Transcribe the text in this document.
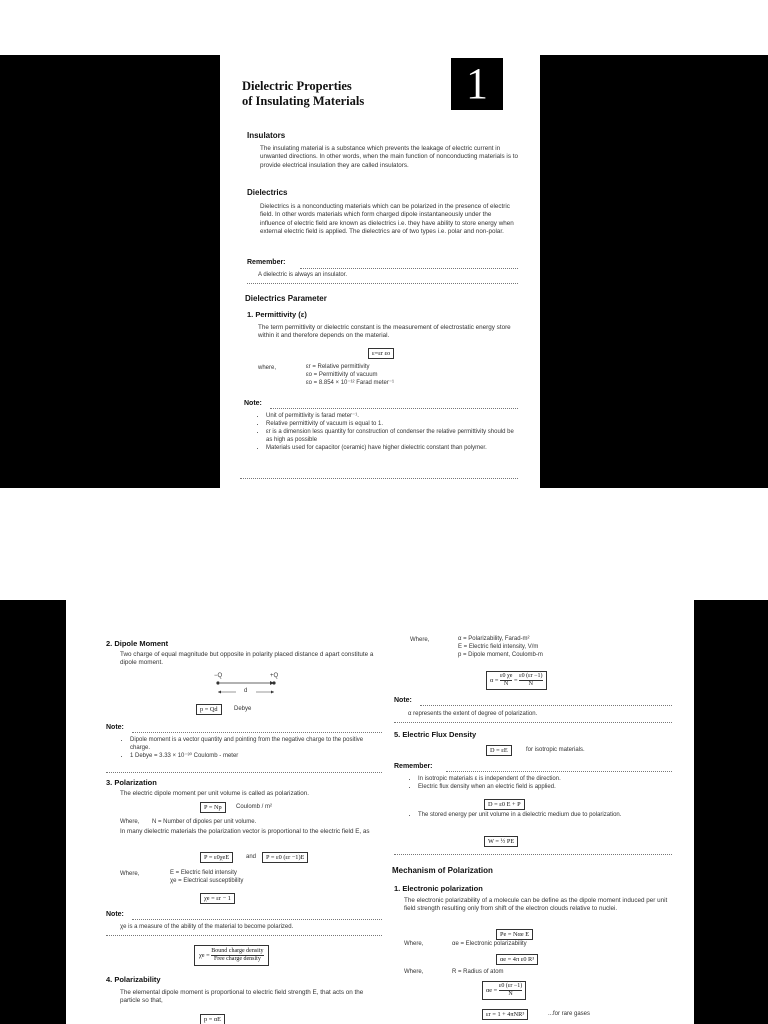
Dielectric Properties
of Insulating Materials	1
Insulators
The insulating material is a substance which prevents the leakage of electric current in unwanted directions. In other words, when the main function of nonconducting materials is to provide electrical insulation they are called insulators.
Dielectrics
Dielectrics is a nonconducting materials which can be polarized in the presence of electric field. In other words materials which form charged dipole instantaneously under the influence of electric field are known as dielectrics i.e. they have ability to store energy when external electric field is applied. The dielectrics are of two types i.e. polar and non-polar.
Remember:
A dielectric is always an insulator.
Dielectrics Parameter
1. Permittivity (ε)
The term permittivity or dielectric constant is the measurement of electrostatic energy store within it and therefore depends on the material.
ε=εr εo
where,	εr = Relative permittivity
εo = Permittivity of vacuum
εo = 8.854 × 10⁻¹² Farad meter⁻¹
Note:
• Unit of permittivity is farad meter⁻¹.
• Relative permittivity of vacuum is equal to 1.
• εr is a dimension less quantity for construction of condenser the relative permittivity should be as high as possible
• Materials used for capacitor (ceramic) have higher dielectric constant than polymer.
2. Dipole Moment
Two charge of equal magnitude but opposite in polarity placed distance d apart constitute a dipole moment.
−Q	+Q
d
p = Qd	Debye
Note:
• Dipole moment is a vector quantity and pointing from the negative charge to the positive charge.
• 1 Debye = 3.33 × 10⁻³⁰ Coulomb - meter
3. Polarization
The electric dipole moment per unit volume is called as polarization.
P = Np	Coulomb / m²
Where, N = Number of dipoles per unit volume.
In many dielectric materials the polarization vector is proportional to the electric field E, as
P = ε0χeE	and	P = ε0 (εr −1)E
Where,	E = Electric field intensity
χe = Electrical susceptibility
χe = εr − 1
Note:
χe is a measure of the ability of the material to become polarized.
$\chi e = \frac{\text{Bound charge density}}{\text{Free charge density}}$
4. Polarizability
The elemental dipole moment is proportional to electric field strength E, that acts on the particle so that,
p = αE
Where,	α = Polarizability, Farad-m²
E = Electric field intensity, V/m
p = Dipole moment, Coulomb-m
$\alpha = \frac{\varepsilon 0 \chi e}{N} = \frac{\varepsilon 0 (\varepsilon r -1)}{N}$
Note:
α represents the extent of degree of polarization.
5. Electric Flux Density
D = εE	for isotropic materials.
Remember:
• In isotropic materials ε is independent of the direction.
• Electric flux density when an electric field is applied.
D = ε0 E + P
• The stored energy per unit volume in a dielectric medium due to polarization.
W = ½ PE
Mechanism of Polarization
1. Electronic polarization
The electronic polarizability of a molecule can be define as the dipole moment induced per unit field strength resulting only from shift of the electron clouds relative to nuclei.
Pe = Nαe E
Where,	αe = Electronic polarizability
αe = 4π ε0 R³
Where,	R = Radius of atom
$\alpha e = \frac{\varepsilon 0 (\varepsilon r -1)}{N}$
εr = 1 + 4πNR³	...for rare gases
